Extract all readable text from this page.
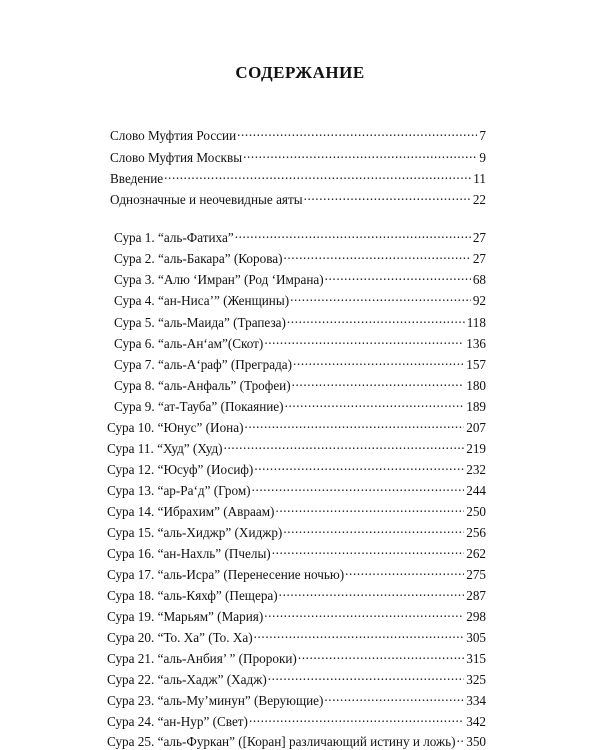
СОДЕРЖАНИЕ
Слово Муфтия России .....	7
Слово Муфтия Москвы .....	9
Введение .....	11
Однозначные и неочевидные аяты .....	22
Сура 1. “аль-Фатиха” .....	27
Сура 2. “аль-Бакара” (Корова) .....	27
Сура 3. “Алю ‘Имран” (Род ‘Имрана) .....	68
Сура 4. “ан-Ниса’” (Женщины) .....	92
Сура 5. “аль-Маида” (Трапеза) .....	118
Сура 6. “аль-Ан‘ам”(Скот) .....	136
Сура 7. “аль-А‘раф” (Преграда) .....	157
Сура 8. “аль-Анфаль” (Трофеи) .....	180
Сура 9. “ат-Тауба” (Покаяние) .....	189
Сура 10. “Юнус” (Иона) .....	207
Сура 11. “Худ” (Худ) .....	219
Сура 12. “Юсуф” (Иосиф) .....	232
Сура 13. “ар-Ра‘д” (Гром) .....	244
Сура 14. “Ибрахим” (Авраам) .....	250
Сура 15. “аль-Хиджр” (Хиджр) .....	256
Сура 16. “ан-Нахль” (Пчелы) .....	262
Сура 17. “аль-Исра” (Перенесение ночью) .....	275
Сура 18. “аль-Кяхф” (Пещера) .....	287
Сура 19. “Марьям” (Мария) .....	298
Сура 20. “То. Ха” (То. Ха) .....	305
Сура 21. “аль-Анбия’ ” (Пророки) .....	315
Сура 22. “аль-Хадж” (Хадж) .....	325
Сура 23. “аль-Му’минун” (Верующие) .....	334
Сура 24. “ан-Нур” (Свет) .....	342
Сура 25. “аль-Фуркан” ([Коран] различающий истину и ложь) ..... 350
